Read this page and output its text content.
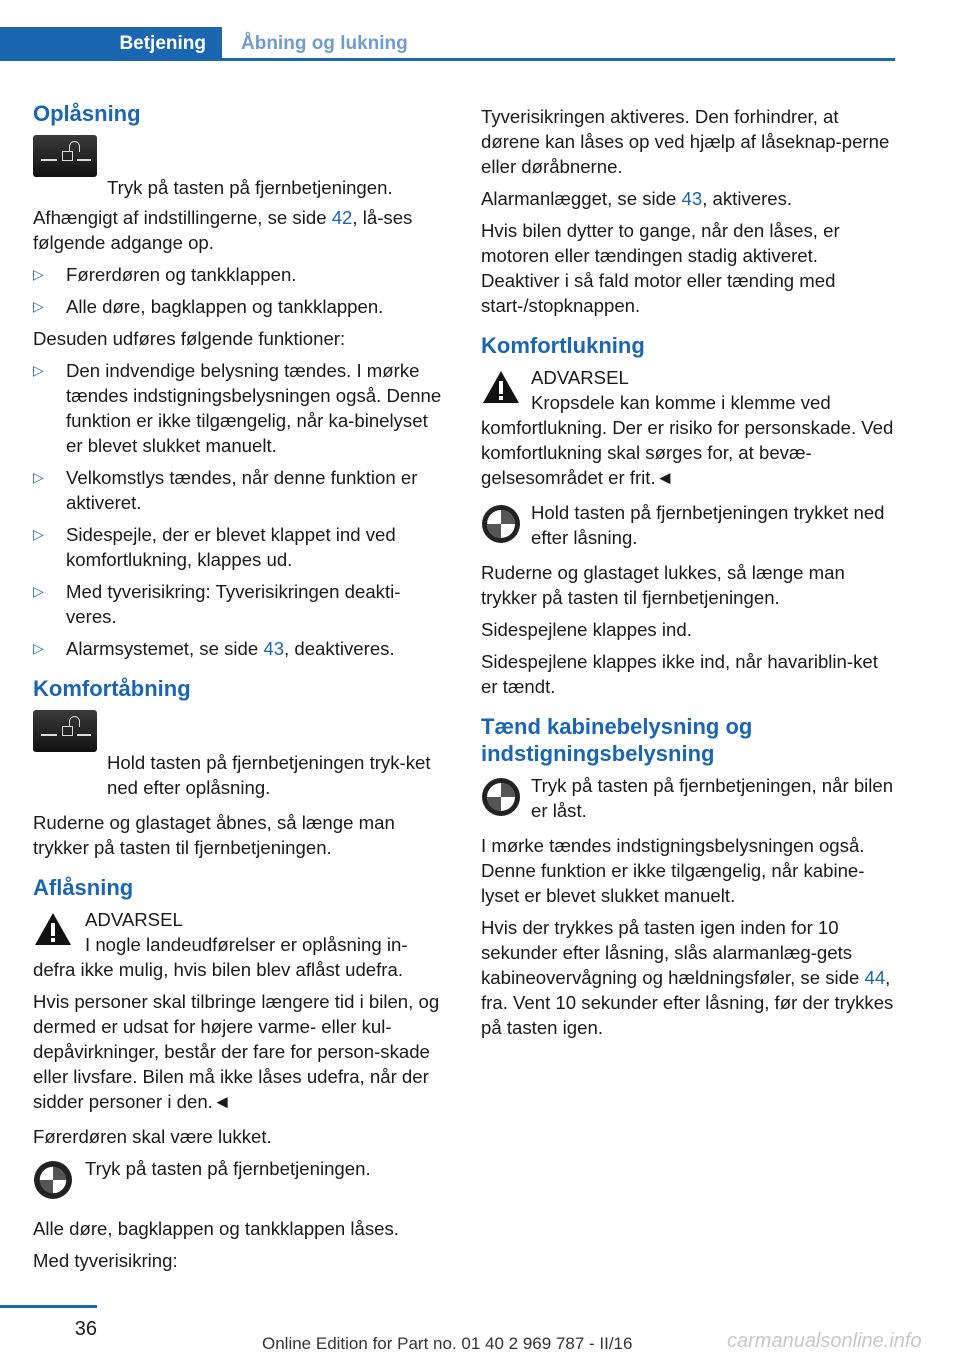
Betjening Åbning og lukning
Oplåsning

Tryk på tasten på fjernbetjeningen.

Afhængigt af indstillingerne, se side 42, lå-ses følgende adgange op.

▷ Førerdøren og tankklappen.
▷ Alle døre, bagklappen og tankklappen.

Desuden udføres følgende funktioner:

▷ Den indvendige belysning tændes. I mørke tændes indstigningsbelysningen også. Denne funktion er ikke tilgængelig, når ka-binelyset er blevet slukket manuelt.
▷ Velkomstlys tændes, når denne funktion er aktiveret.
▷ Sidespejle, der er blevet klappet ind ved komfortlukning, klappes ud.
▷ Med tyverisikring: Tyverisikringen deakti-veres.
▷ Alarmsystemet, se side 43, deaktiveres.
Komfortåbning

Hold tasten på fjernbetjeningen tryk-ket ned efter oplåsning.

Ruderne og glastaget åbnes, så længe man trykker på tasten til fjernbetjeningen.

Aflåsning

ADVARSEL

I nogle landeudførelser er oplåsning in-defra ikke mulig, hvis bilen blev aflåst udefra.

Hvis personer skal tilbringe længere tid i bilen, og dermed er udsat for højere varme- eller kul-depåvirkninger, består der fare for person-skade eller livsfare. Bilen må ikke låses udefra, når der sidder personer i den.◄

Førerdøren skal være lukket.

Tryk på tasten på fjernbetjeningen.

Alle døre, bagklappen og tankklappen låses.

Med tyverisikring:

Tyverisikringen aktiveres. Den forhindrer, at dørene kan låses op ved hjælp af låseknap-perne eller døråbnerne.

Alarmanlægget, se side 43, aktiveres.

Hvis bilen dytter to gange, når den låses, er motoren eller tændingen stadig aktiveret. Deaktiver i så fald motor eller tænding med start-/stopknappen.

Komfortlukning

ADVARSEL

Kropsdele kan komme i klemme ved komfortlukning. Der er risiko for personskade. Ved komfortlukning skal sørges for, at bevæ-gelsesområdet er frit.◄

Hold tasten på fjernbetjeningen trykket ned efter låsning.

Ruderne og glastaget lukkes, så længe man trykker på tasten til fjernbetjeningen.

Sidespejlene klappes ind.

Sidespejlene klappes ikke ind, når havariblin-ket er tændt.

Tænd kabinebelysning og indstigningsbelysning

Tryk på tasten på fjernbetjeningen, når bilen er låst.

I mørke tændes indstigningsbelysningen også. Denne funktion er ikke tilgængelig, når kabine-lyset er blevet slukket manuelt.

Hvis der trykkes på tasten igen inden for 10 sekunder efter låsning, slås alarmanlæg-gets kabineovervågning og hældningsføler, se side 44, fra. Vent 10 sekunder efter låsning, før der trykkes på tasten igen.

36
Online Edition for Part no. 01 40 2 969 787 - II/16	carmanualsonline.info
